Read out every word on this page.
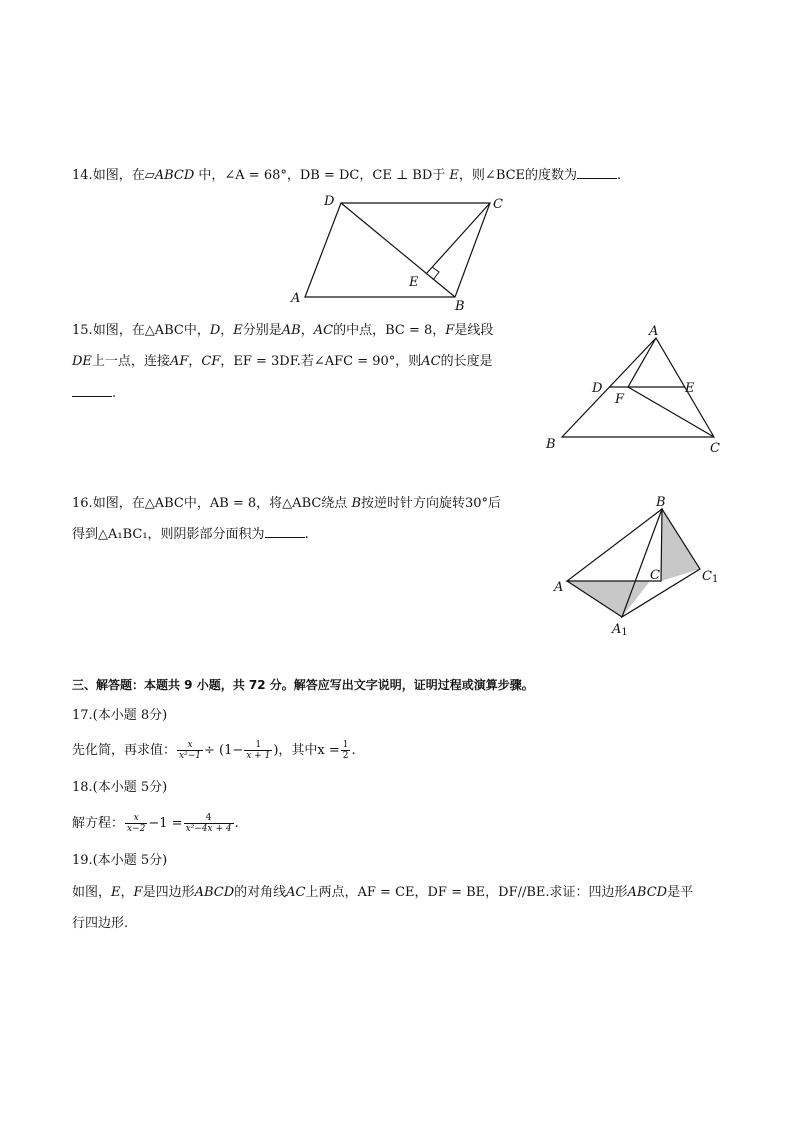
14.如图，在▱ABCD 中，∠A = 68°，DB = DC，CE ⊥ BD于 E，则∠BCE的度数为	.
A
B
C
D
E
15.如图，在△ABC中，D，E分别是AB，AC的中点，BC = 8，F是线段
DE上一点，连接AF，CF，EF = 3DF.若∠AFC = 90°，则AC的长度是
.
A
B	C
D	E
F
16.如图，在△ABC中，AB = 8，将△ABC绕点 B按逆时针方向旋转30°后
得到△A₁BC₁，则阴影部分面积为	.
B
A
C	C1
A1
三、解答题：本题共 9 小题，共 72 分。解答应写出文字说明，证明过程或演算步骤。
17.(本小题 8分)
先化简，再求值： $\frac{x}{\text{x²−1}} \div (1- \frac{1}{x + 1}$ )，其中$x = \frac{1}{2}$ .
18.(本小题 5分)
解方程： $\frac{x}{x-2} -1 = \frac{4}{\text{x²−4x + 4}}$ .
19.(本小题 5分)
如图，E，F是四边形ABCD的对角线AC上两点，AF = CE，DF = BE，DF//BE.求证：四边形ABCD是平
行四边形.
